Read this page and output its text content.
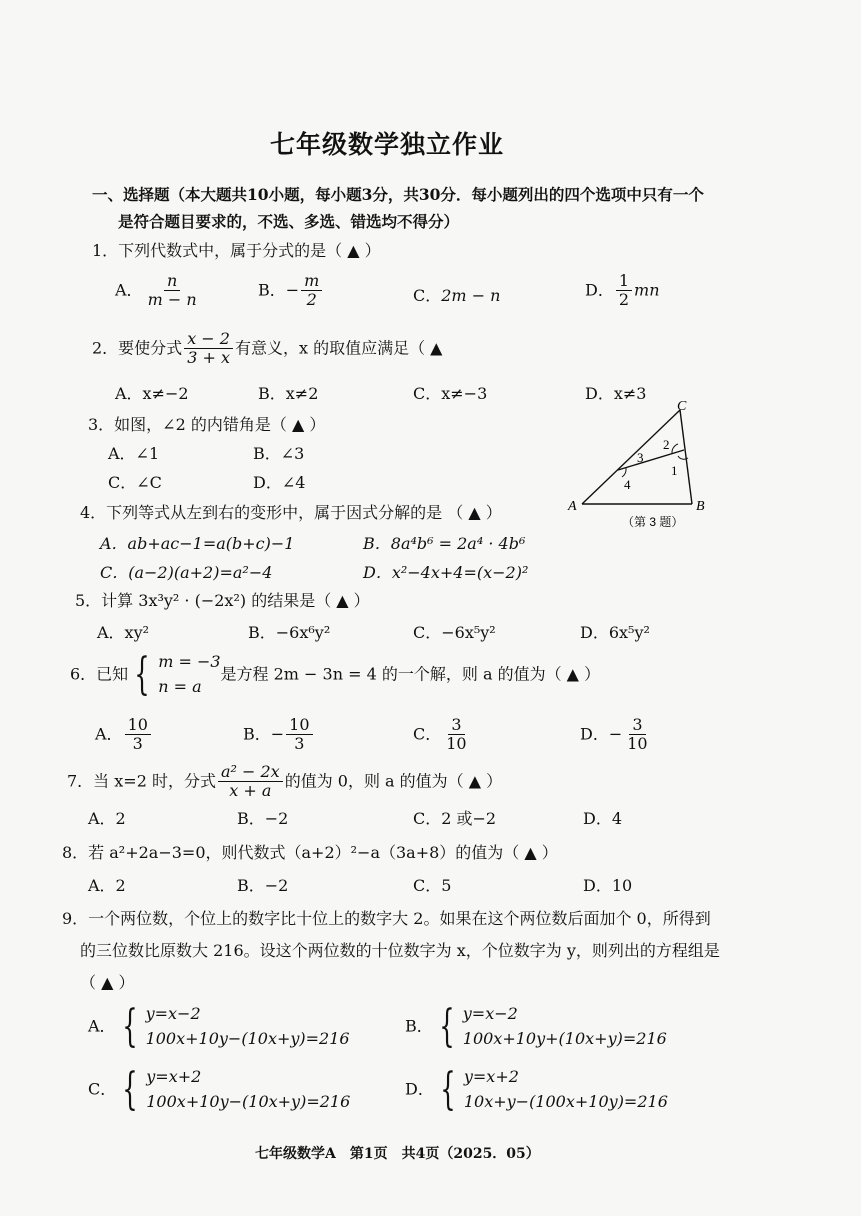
七年级数学独立作业
一、选择题（本大题共10小题，每小题3分，共30分．每小题列出的四个选项中只有一个
是符合题目要求的，不选、多选、错选均不得分）
1．下列代数式中，属于分式的是（ ▲ ）
A． $\frac{n}{m - n}$	B．− $\frac{m}{2}$	C．2m − n	D． $\frac{1}{2}$ mn
2．要使分式 $\frac{x - 2}{3 + x}$ 有意义，x 的取值应满足（ ▲
A．x≠−2	B．x≠2	C．x≠−3	D．x≠3
3．如图，∠2 的内错角是（ ▲ ）
A．∠1	B．∠3
C．∠C	D．∠4
C
A	B
1
2
3
4
（第 3 题）
4．下列等式从左到右的变形中，属于因式分解的是 （ ▲ ）
A．ab+ac−1=a(b+c)−1	B．8a⁴b⁶ = 2a⁴ · 4b⁶
C．(a−2)(a+2)=a²−4	D．x²−4x+4=(x−2)²
5．计算 3x³y² · (−2x²) 的结果是（ ▲ ）
A．xy²	B．−6x⁶y²	C．−6x⁵y²	D．6x⁵y²
6．已知 { m = −3
n = a
是方程 2m − 3n = 4 的一个解，则 a 的值为（ ▲ ）
A． $\frac{10}{3}$	B．− $\frac{10}{3}$	C． $\frac{3}{10}$	D．− $\frac{3}{10}$
7．当 x=2 时，分式 $\frac{\text{a² − 2x}}{x + a}$ 的值为 0，则 a 的值为（ ▲ ）
A．2	B．−2	C．2 或−2	D．4
8．若 a²+2a−3=0，则代数式（a+2）²−a（3a+8）的值为（ ▲ ）
A．2	B．−2	C．5	D．10
9．一个两位数，个位上的数字比十位上的数字大 2。如果在这个两位数后面加个 0，所得到
的三位数比原数大 216。设这个两位数的十位数字为 x，个位数字为 y，则列出的方程组是
（ ▲ ）
A． { y=x−2
100x+10y−(10x+y)=216
B． { y=x−2
100x+10y+(10x+y)=216
C． { y=x+2
100x+10y−(10x+y)=216
D． { y=x+2
10x+y−(100x+10y)=216
七年级数学A　第1页　共4页（2025．05）
